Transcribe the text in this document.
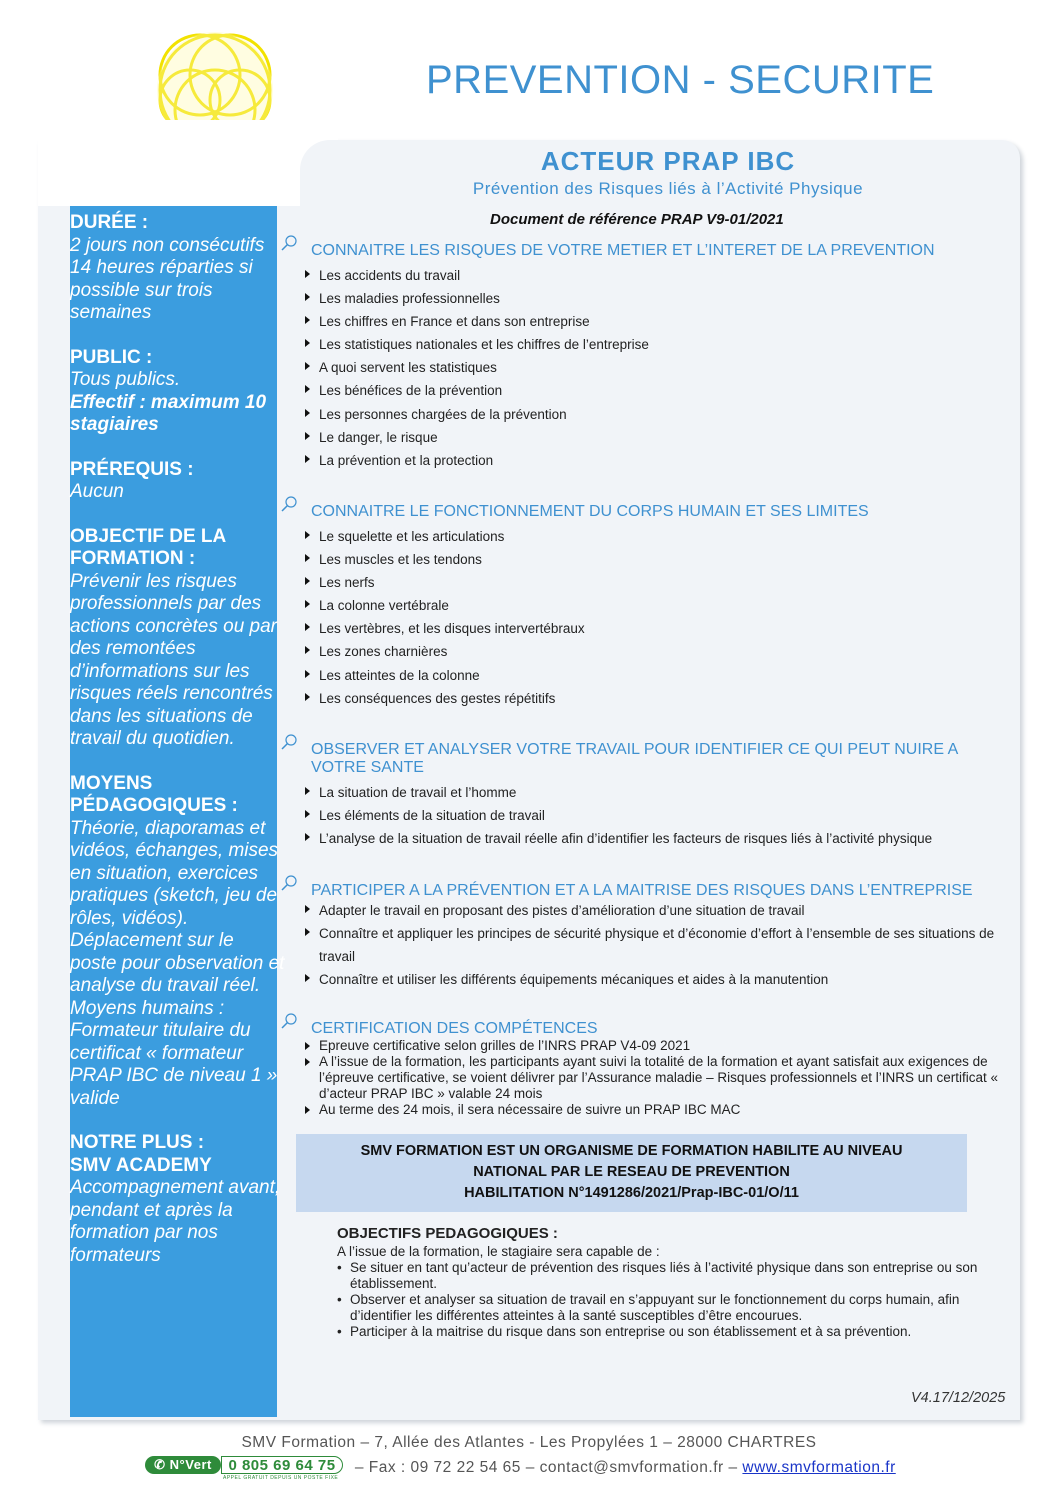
PREVENTION - SECURITE
ACTEUR PRAP IBC
Prévention des Risques liés à l’Activité Physique
DURÉE :
2 jours non consécutifs 14 heures réparties si possible sur trois semaines
PUBLIC :
Tous publics.
Effectif : maximum 10 stagiaires
PRÉREQUIS :
Aucun
OBJECTIF DE LA FORMATION :
Prévenir les risques professionnels par des actions concrètes ou par des remontées d’informations sur les risques réels rencontrés dans les situations de travail du quotidien.
MOYENS PÉDAGOGIQUES :
Théorie, diaporamas et vidéos, échanges, mises en situation, exercices pratiques (sketch, jeu de rôles, vidéos). Déplacement sur le poste pour observation et analyse du travail réel.
Moyens humains : Formateur titulaire du certificat « formateur PRAP IBC de niveau 1 » valide
NOTRE PLUS :
SMV ACADEMY
Accompagnement avant, pendant et après la formation par nos formateurs
Document de référence PRAP V9-01/2021
CONNAITRE LES RISQUES DE VOTRE METIER ET L’INTERET DE LA PREVENTION
Les accidents du travail
Les maladies professionnelles
Les chiffres en France et dans son entreprise
Les statistiques nationales et les chiffres de l’entreprise
A quoi servent les statistiques
Les bénéfices de la prévention
Les personnes chargées de la prévention
Le danger, le risque
La prévention et la protection
CONNAITRE LE FONCTIONNEMENT DU CORPS HUMAIN ET SES LIMITES
Le squelette et les articulations
Les muscles et les tendons
Les nerfs
La colonne vertébrale
Les vertèbres, et les disques intervertébraux
Les zones charnières
Les atteintes de la colonne
Les conséquences des gestes répétitifs
OBSERVER ET ANALYSER VOTRE TRAVAIL POUR IDENTIFIER CE QUI PEUT NUIRE A VOTRE SANTE
La situation de travail et l’homme
Les éléments de la situation de travail
L’analyse de la situation de travail réelle afin d’identifier les facteurs de risques liés à l’activité physique
PARTICIPER A LA PRÉVENTION ET A LA MAITRISE DES RISQUES DANS L’ENTREPRISE
Adapter le travail en proposant des pistes d’amélioration d’une situation de travail
Connaître et appliquer les principes de sécurité physique et d’économie d’effort à l’ensemble de ses situations de travail
Connaître et utiliser les différents équipements mécaniques et aides à la manutention
CERTIFICATION DES COMPÉTENCES
Epreuve certificative selon grilles de l’INRS PRAP V4-09 2021
A l’issue de la formation, les participants ayant suivi la totalité de la formation et ayant satisfait aux exigences de l’épreuve certificative, se voient délivrer par l’Assurance maladie – Risques professionnels et l’INRS un certificat « d’acteur PRAP IBC » valable 24 mois
Au terme des 24 mois, il sera nécessaire de suivre un PRAP IBC MAC
SMV FORMATION EST UN ORGANISME DE FORMATION HABILITE AU NIVEAU
NATIONAL PAR LE RESEAU DE PREVENTION
HABILITATION N°1491286/2021/Prap-IBC-01/O/11
OBJECTIFS PEDAGOGIQUES :
A l’issue de la formation, le stagiaire sera capable de :
• Se situer en tant qu’acteur de prévention des risques liés à l’activité physique dans son entreprise ou son établissement.
• Observer et analyser sa situation de travail en s’appuyant sur le fonctionnement du corps humain, afin d’identifier les différentes atteintes à la santé susceptibles d’être encourues.
• Participer à la maitrise du risque dans son entreprise ou son établissement et à sa prévention.
V4.17/12/2025
SMV Formation – 7, Allée des Atlantes - Les Propylées 1 – 28000 CHARTRES
✆ N°Vert	0 805 69 64 75
APPEL GRATUIT DEPUIS UN POSTE FIXE
– Fax : 09 72 22 54 65 – contact@smvformation.fr – www.smvformation.fr
